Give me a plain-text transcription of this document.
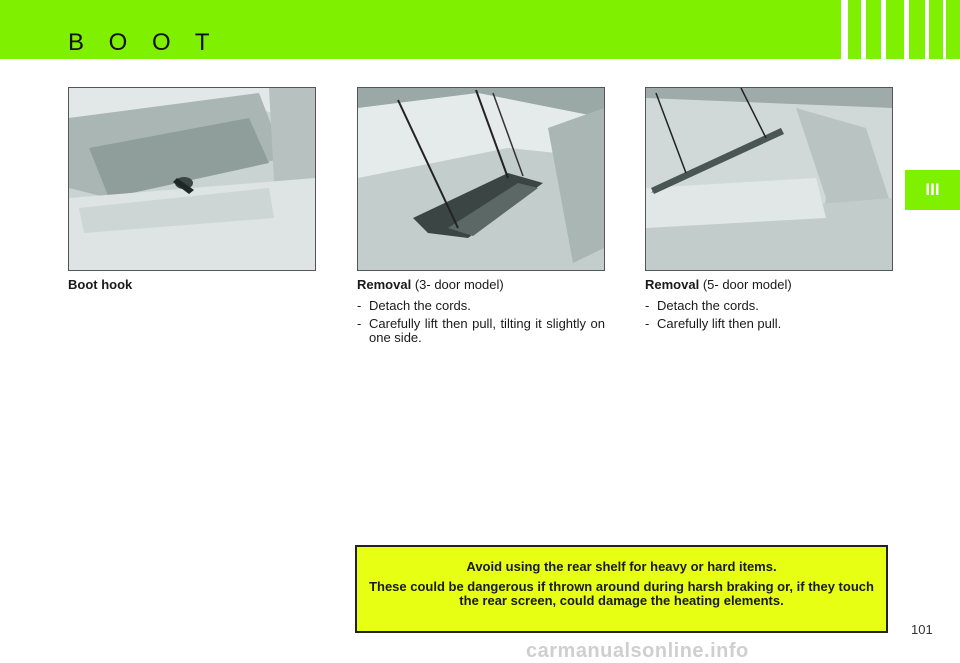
B O O T
III
Boot hook	Removal (3- door model)
- Detach the cords.
- Carefully lift then pull, tilting it slightly on one side.
Removal (5- door model)
- Detach the cords.
- Carefully lift then pull.

Avoid using the rear shelf for heavy or hard items.

These could be dangerous if thrown around during harsh braking or, if they touch the rear screen, could damage the heating elements.

101
carmanualsonline.info
